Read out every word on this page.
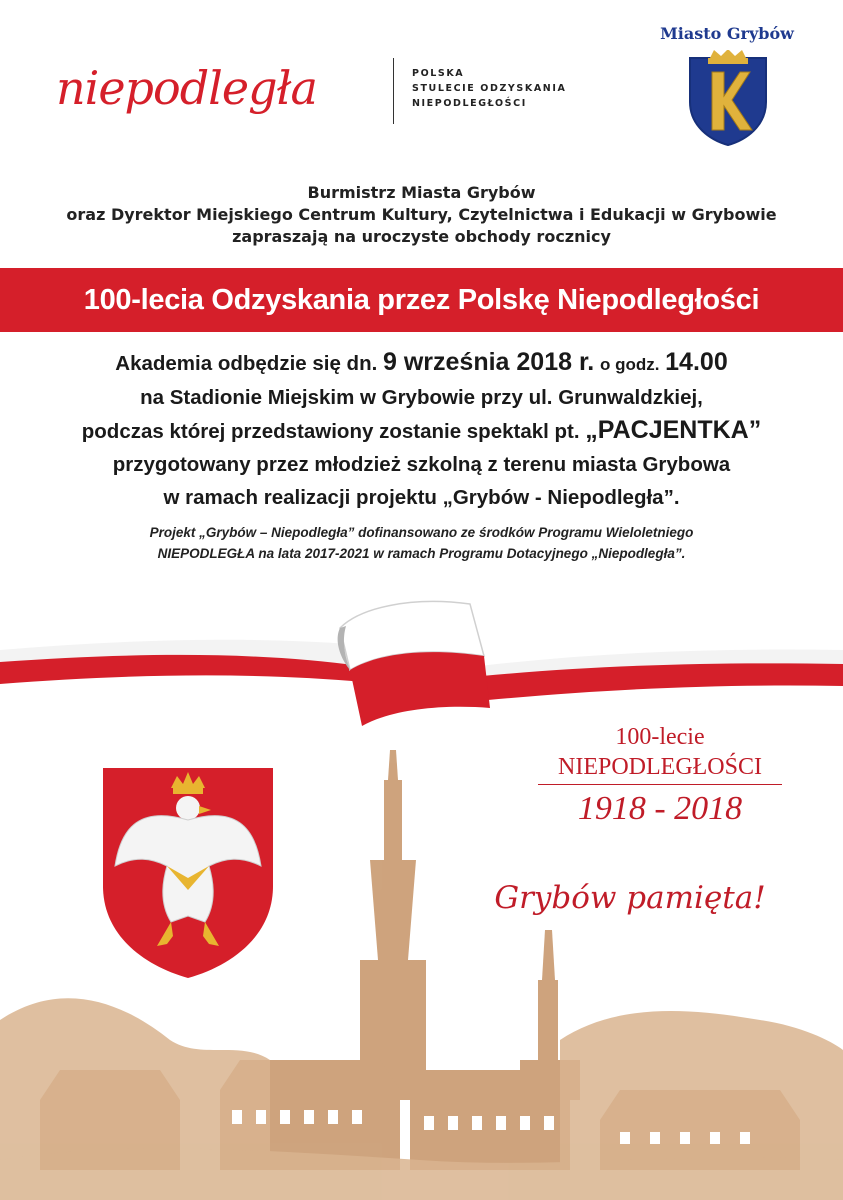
niepodległa	POLSKA
STULECIE ODZYSKANIA
NIEPODLEGŁOŚCI
Miasto Grybów
Burmistrz Miasta Grybów
oraz Dyrektor Miejskiego Centrum Kultury, Czytelnictwa i Edukacji w Grybowie
zapraszają na uroczyste obchody rocznicy
100-lecia Odzyskania przez Polskę Niepodległości
Akademia odbędzie się dn. 9 września 2018 r. o godz. 14.00
na Stadionie Miejskim w Grybowie przy ul. Grunwaldzkiej,
podczas której przedstawiony zostanie spektakl pt. „PACJENTKA”
przygotowany przez młodzież szkolną z terenu miasta Grybowa
w ramach realizacji projektu „Grybów - Niepodległa”.
Projekt „Grybów – Niepodległa” dofinansowano ze środków Programu Wieloletniego
NIEPODLEGŁA na lata 2017-2021 w ramach Programu Dotacyjnego „Niepodległa”.
100-lecie
NIEPODLEGŁOŚCI
1918 - 2018
Grybów pamięta!
